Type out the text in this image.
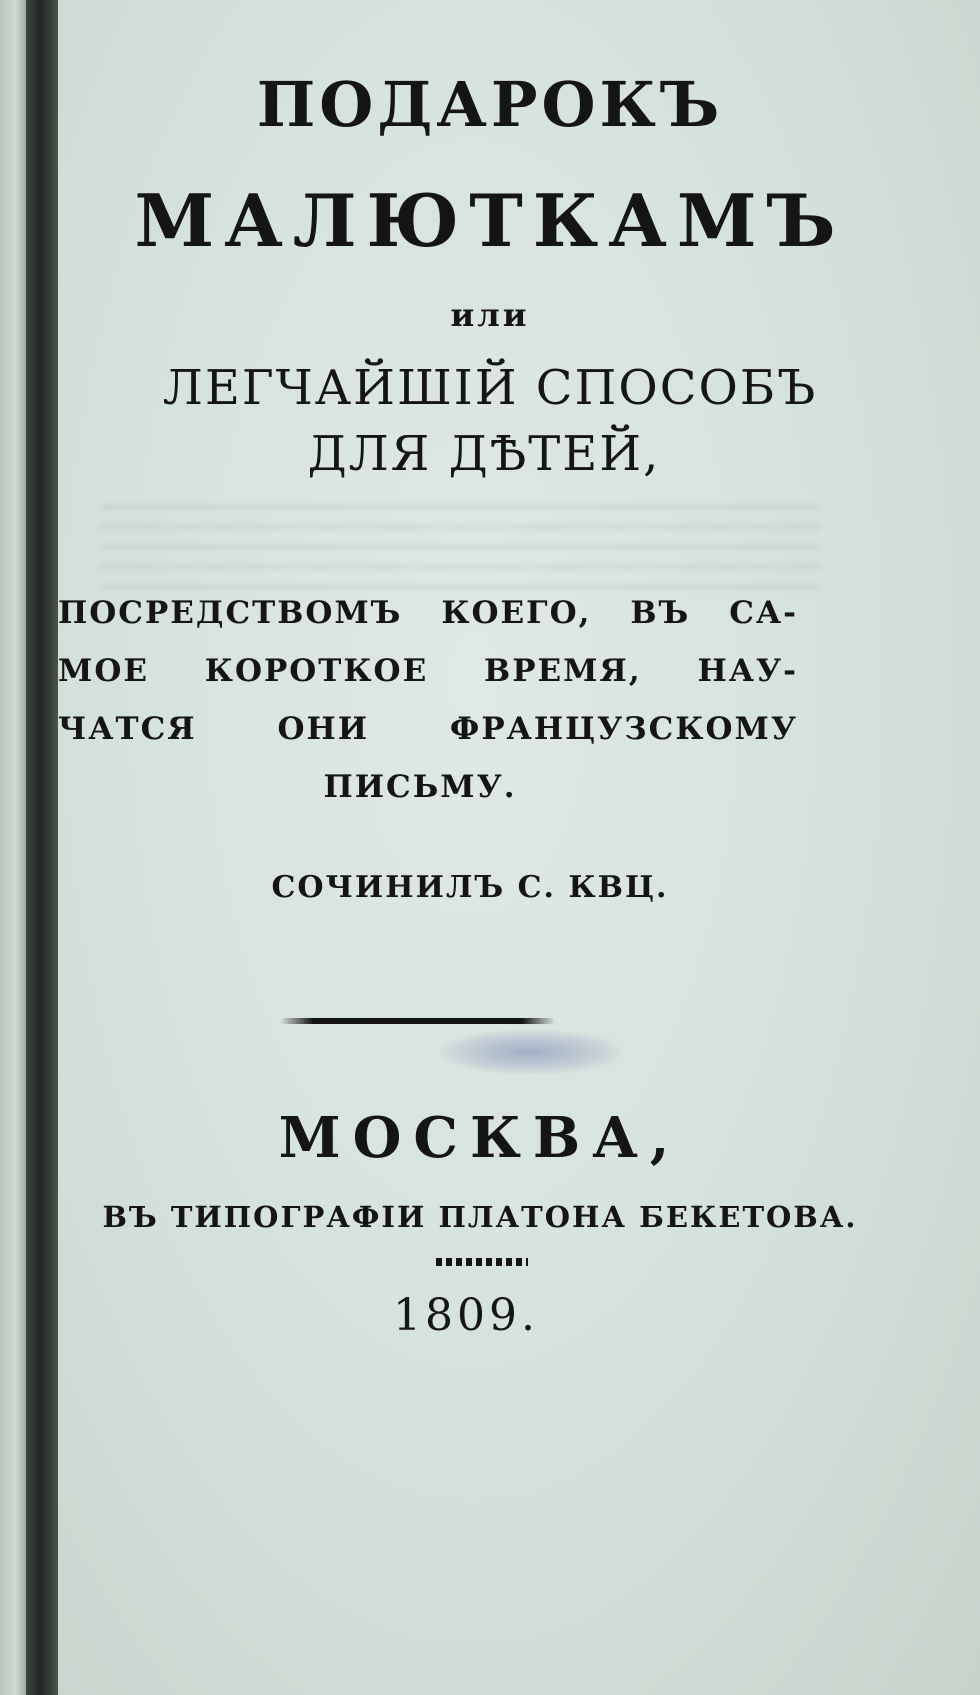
ПОДАРОКЪ
МАЛЮТКАМЪ
или
ЛЕГЧАЙШІЙ СПОСОБЪ
ДЛЯ ДѢТЕЙ,
ПОСРЕДСТВОМЪ КОЕГО, ВЪ СА-
МОЕ КОРОТКОЕ ВРЕМЯ, НАУ-
ЧАТСЯ ОНИ ФРАНЦУЗСКОМУ
ПИСЬМУ.
СОЧИНИЛЪ С. КВЦ.
МОСКВА,
ВЪ ТИПОГРАФІИ ПЛАТОНА БЕКЕТОВА.
1809.
